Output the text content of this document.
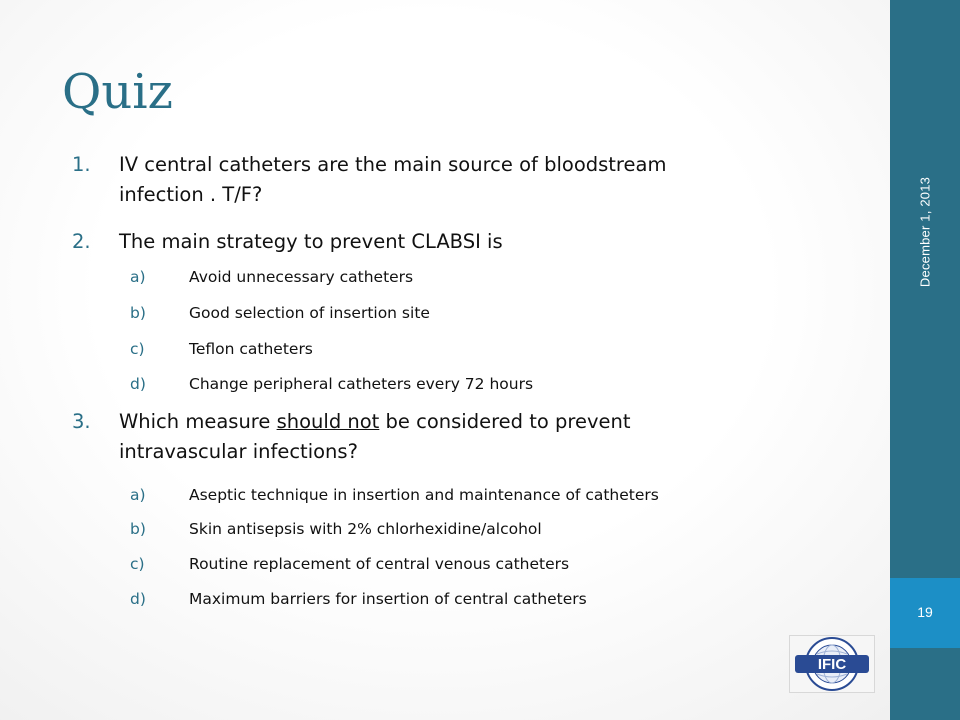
December 1, 2013
19
Quiz
1. IV central catheters are the main source of bloodstream
infection . T/F?
2. The main strategy to prevent CLABSI is
a)	Avoid unnecessary catheters
b)	Good selection of insertion site
c)	Teflon catheters
d)	Change peripheral catheters every 72 hours
3. Which measure should not be considered to prevent
intravascular infections?
a)	Aseptic technique in insertion and maintenance of catheters
b)	Skin antisepsis with 2% chlorhexidine/alcohol
c)	Routine replacement of central venous catheters
d)	Maximum barriers for insertion of central catheters
IFIC
